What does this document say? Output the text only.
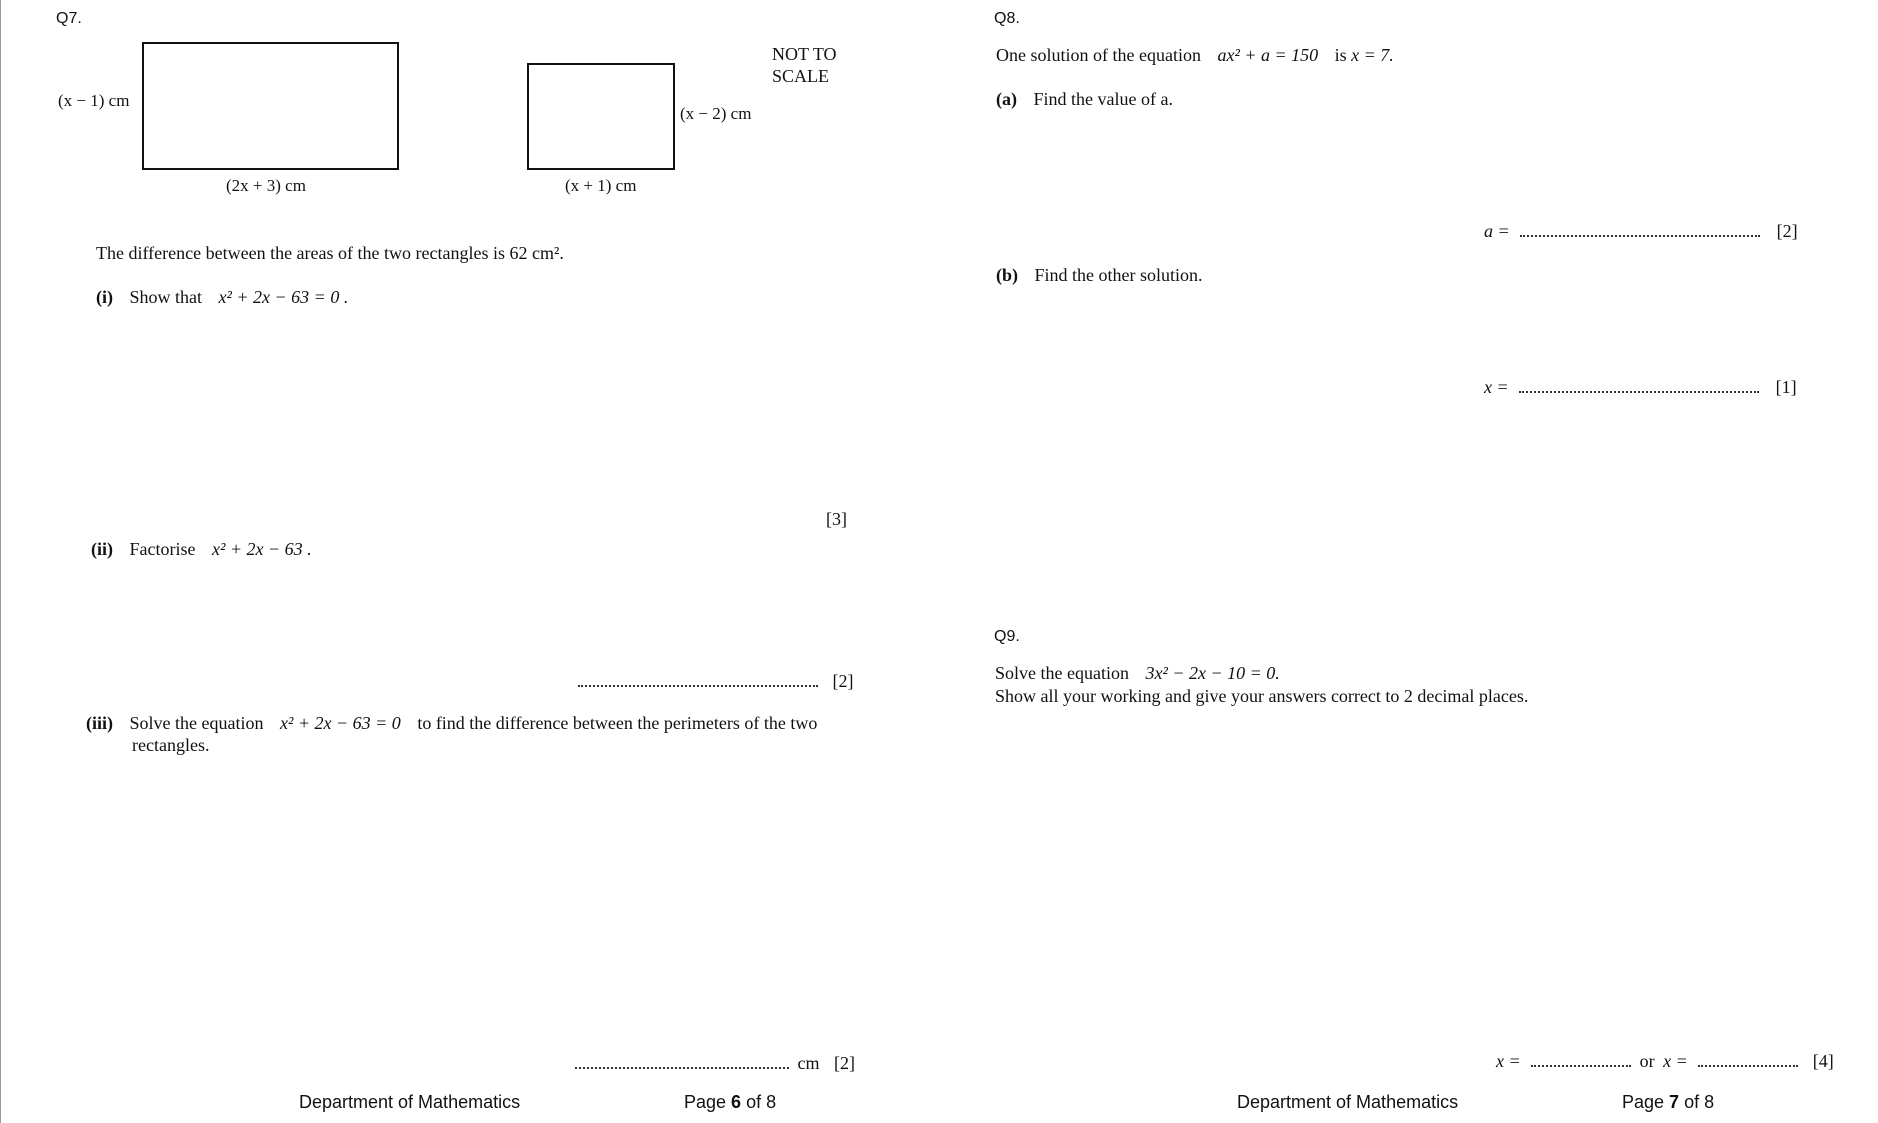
Q7.
(x − 1) cm
(2x + 3) cm
(x − 2) cm
(x + 1) cm
NOT TO
SCALE
The difference between the areas of the two rectangles is 62 cm².
(i) Show that x² + 2x − 63 = 0 .
[3]
(ii) Factorise x² + 2x − 63 .
[2]
(iii) Solve the equation x² + 2x − 63 = 0 to find the difference between the perimeters of the two
rectangles.
cm [2]
Department of Mathematics	Page 6 of 8
Q8.
One solution of the equation ax² + a = 150 is x = 7.
(a) Find the value of a.
a =	[2]
(b) Find the other solution.
x =	[1]
Q9.
Solve the equation 3x² − 2x − 10 = 0.
Show all your working and give your answers correct to 2 decimal places.
x =	or x =	[4]
Department of Mathematics	Page 7 of 8
